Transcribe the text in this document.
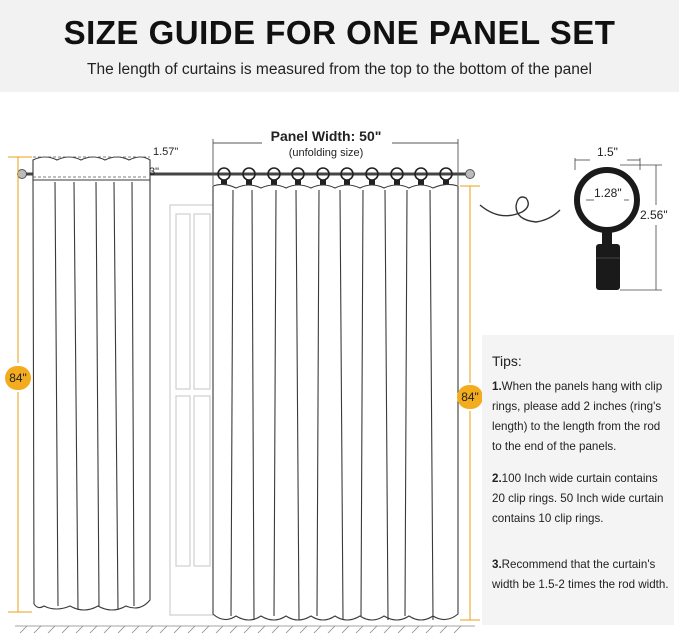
SIZE GUIDE FOR ONE PANEL SET
The length of curtains is measured from the top to the bottom of the panel
Panel Width: 50"
(unfolding size)
1.57"
3"
84"
84"
1.5"
1.28"
2.56"
Tips:
1.When the panels hang with clip rings, please add 2 inches (ring's length) to the length from the rod to the end of the panels.
2.100 Inch wide curtain contains 20 clip rings. 50 Inch wide curtain contains 10 clip rings.
3.Recommend that the curtain's width be 1.5-2 times the rod width.
